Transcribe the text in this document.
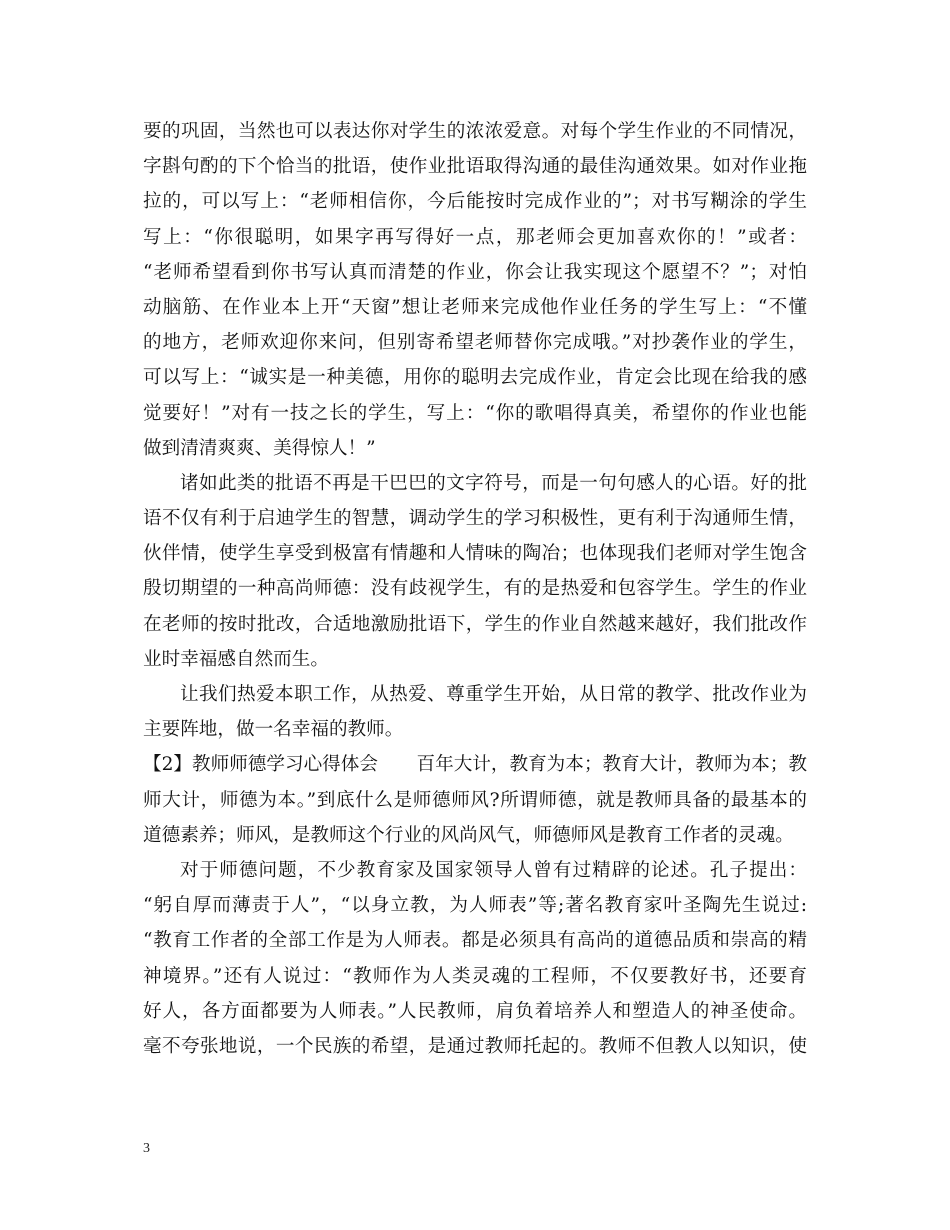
要的巩固，当然也可以表达你对学生的浓浓爱意。对每个学生作业的不同情况，
字斟句酌的下个恰当的批语，使作业批语取得沟通的最佳沟通效果。如对作业拖
拉的，可以写上：“老师相信你，今后能按时完成作业的”；对书写糊涂的学生
写上：“你很聪明，如果字再写得好一点，那老师会更加喜欢你的！”或者：
“老师希望看到你书写认真而清楚的作业，你会让我实现这个愿望不？”；对怕
动脑筋、在作业本上开“天窗”想让老师来完成他作业任务的学生写上：“不懂
的地方，老师欢迎你来问，但别寄希望老师替你完成哦。”对抄袭作业的学生，
可以写上：“诚实是一种美德，用你的聪明去完成作业，肯定会比现在给我的感
觉要好！”对有一技之长的学生，写上：“你的歌唱得真美，希望你的作业也能
做到清清爽爽、美得惊人！”
诸如此类的批语不再是干巴巴的文字符号，而是一句句感人的心语。好的批
语不仅有利于启迪学生的智慧，调动学生的学习积极性，更有利于沟通师生情，
伙伴情，使学生享受到极富有情趣和人情味的陶冶；也体现我们老师对学生饱含
殷切期望的一种高尚师德：没有歧视学生，有的是热爱和包容学生。学生的作业
在老师的按时批改，合适地激励批语下，学生的作业自然越来越好，我们批改作
业时幸福感自然而生。
让我们热爱本职工作，从热爱、尊重学生开始，从日常的教学、批改作业为
主要阵地，做一名幸福的教师。
【2】教师师德学习心得体会 百年大计，教育为本；教育大计，教师为本；教
师大计，师德为本。”到底什么是师德师风?所谓师德，就是教师具备的最基本的
道德素养；师风，是教师这个行业的风尚风气，师德师风是教育工作者的灵魂。
对于师德问题，不少教育家及国家领导人曾有过精辟的论述。孔子提出：
“躬自厚而薄责于人”，“以身立教，为人师表”等;著名教育家叶圣陶先生说过:
“教育工作者的全部工作是为人师表。都是必须具有高尚的道德品质和崇高的精
神境界。”还有人说过：“教师作为人类灵魂的工程师，不仅要教好书，还要育
好人，各方面都要为人师表。”人民教师，肩负着培养人和塑造人的神圣使命。
毫不夸张地说，一个民族的希望，是通过教师托起的。教师不但教人以知识，使
3
